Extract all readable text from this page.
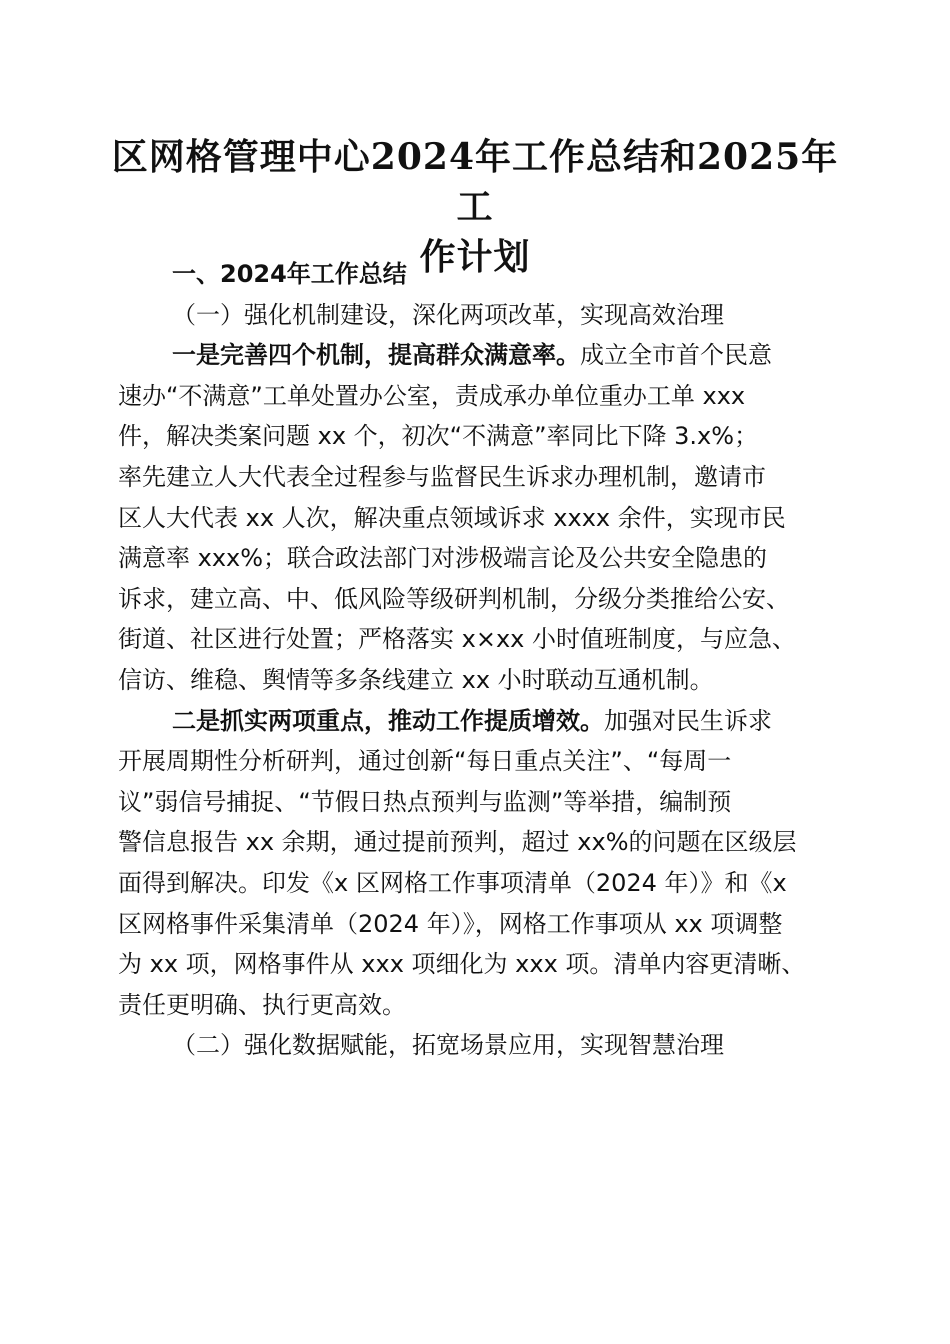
区网格管理中心2024年工作总结和2025年工
作计划
一、2024年工作总结
（一）强化机制建设，深化两项改革，实现高效治理
一是完善四个机制，提高群众满意率。成立全市首个民意
速办“不满意”工单处置办公室，责成承办单位重办工单 xxx
件，解决类案问题 xx 个，初次“不满意”率同比下降 3.x%；
率先建立人大代表全过程参与监督民生诉求办理机制，邀请市
区人大代表 xx 人次，解决重点领域诉求 xxxx 余件，实现市民
满意率 xxx%；联合政法部门对涉极端言论及公共安全隐患的
诉求，建立高、中、低风险等级研判机制，分级分类推给公安、
街道、社区进行处置；严格落实 x×xx 小时值班制度，与应急、
信访、维稳、舆情等多条线建立 xx 小时联动互通机制。
二是抓实两项重点，推动工作提质增效。加强对民生诉求
开展周期性分析研判，通过创新“每日重点关注”、“每周一
议”弱信号捕捉、“节假日热点预判与监测”等举措，编制预
警信息报告 xx 余期，通过提前预判，超过 xx%的问题在区级层
面得到解决。印发《x 区网格工作事项清单（2024 年）》和《x
区网格事件采集清单（2024 年）》，网格工作事项从 xx 项调整
为 xx 项，网格事件从 xxx 项细化为 xxx 项。清单内容更清晰、
责任更明确、执行更高效。
（二）强化数据赋能，拓宽场景应用，实现智慧治理
